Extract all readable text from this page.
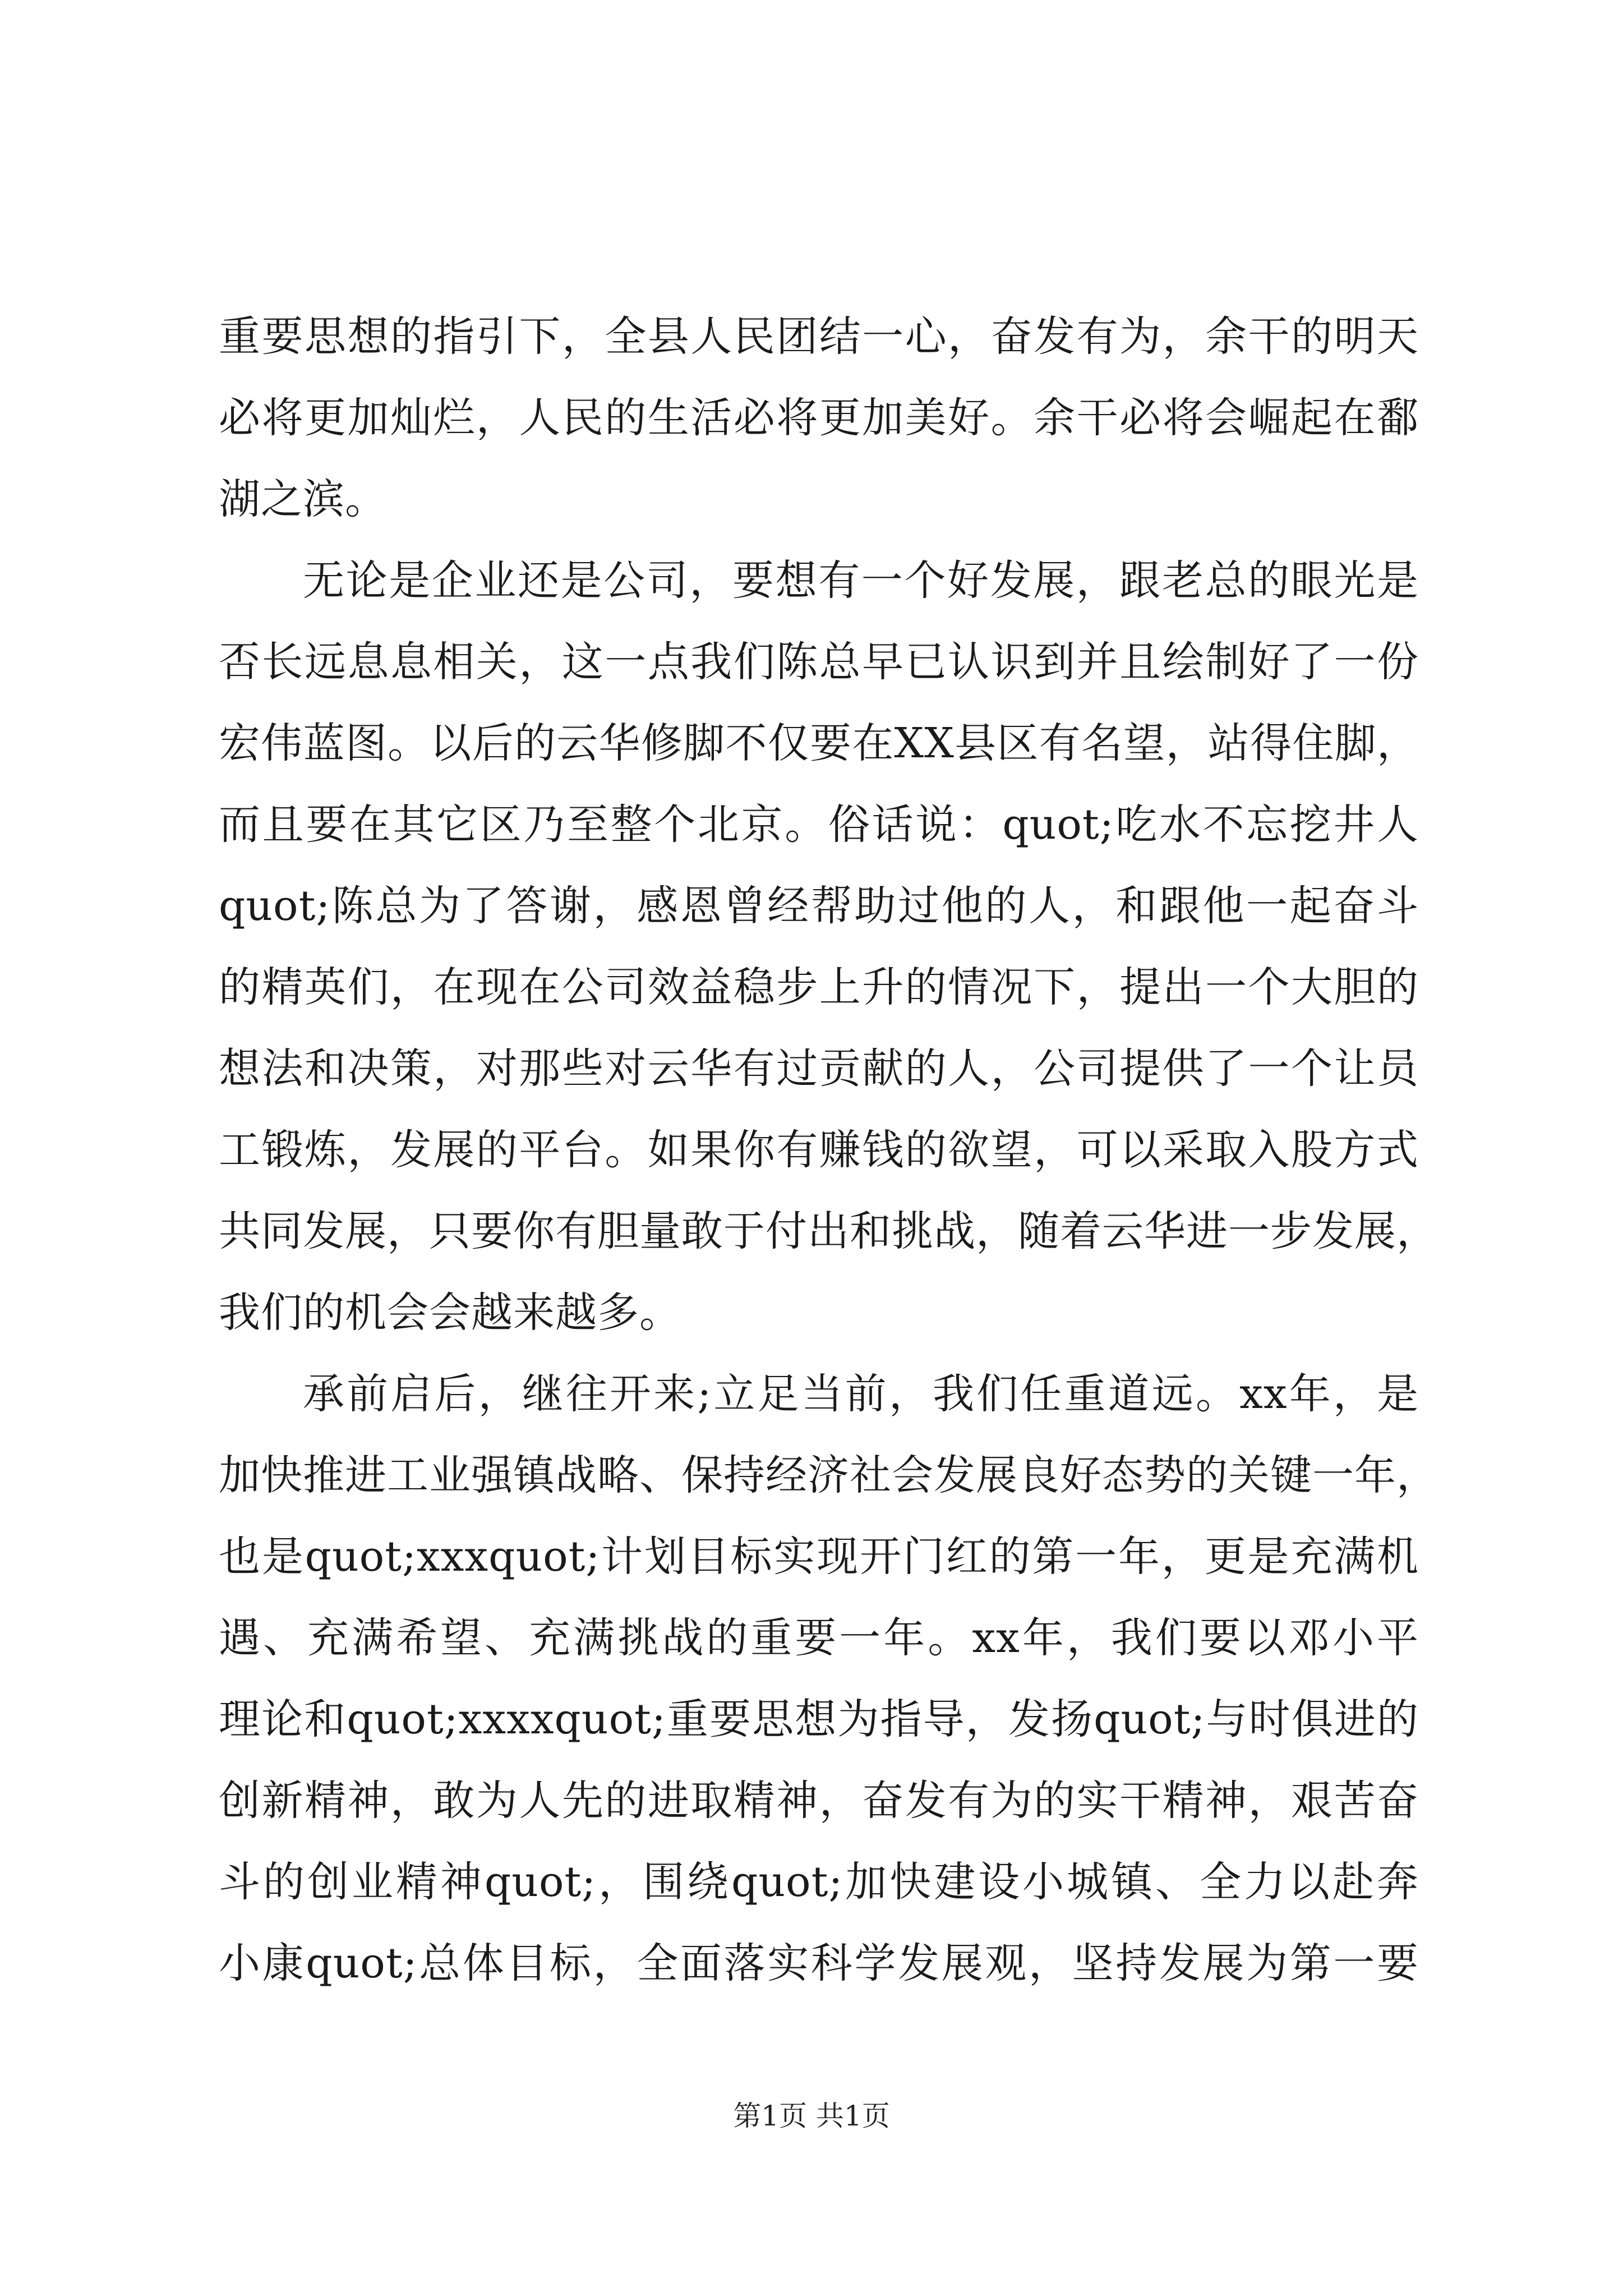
重要思想的指引下，全县人民团结一心，奋发有为，余干的明天
必将更加灿烂，人民的生活必将更加美好。余干必将会崛起在鄱
湖之滨。
无论是企业还是公司，要想有一个好发展，跟老总的眼光是
否长远息息相关，这一点我们陈总早已认识到并且绘制好了一份
宏伟蓝图。以后的云华修脚不仅要在XX县区有名望，站得住脚，
而且要在其它区乃至整个北京。俗话说：quot;吃水不忘挖井人
quot;陈总为了答谢，感恩曾经帮助过他的人，和跟他一起奋斗
的精英们，在现在公司效益稳步上升的情况下，提出一个大胆的
想法和决策，对那些对云华有过贡献的人，公司提供了一个让员
工锻炼，发展的平台。如果你有赚钱的欲望，可以采取入股方式
共同发展，只要你有胆量敢于付出和挑战，随着云华进一步发展，
我们的机会会越来越多。
承前启后，继往开来;立足当前，我们任重道远。xx年，是
加快推进工业强镇战略、保持经济社会发展良好态势的关键一年，
也是quot;xxxquot;计划目标实现开门红的第一年，更是充满机
遇、充满希望、充满挑战的重要一年。xx年，我们要以邓小平
理论和quot;xxxxquot;重要思想为指导，发扬quot;与时俱进的
创新精神，敢为人先的进取精神，奋发有为的实干精神，艰苦奋
斗的创业精神quot;，围绕quot;加快建设小城镇、全力以赴奔
小康quot;总体目标，全面落实科学发展观，坚持发展为第一要
第1页 共1页
